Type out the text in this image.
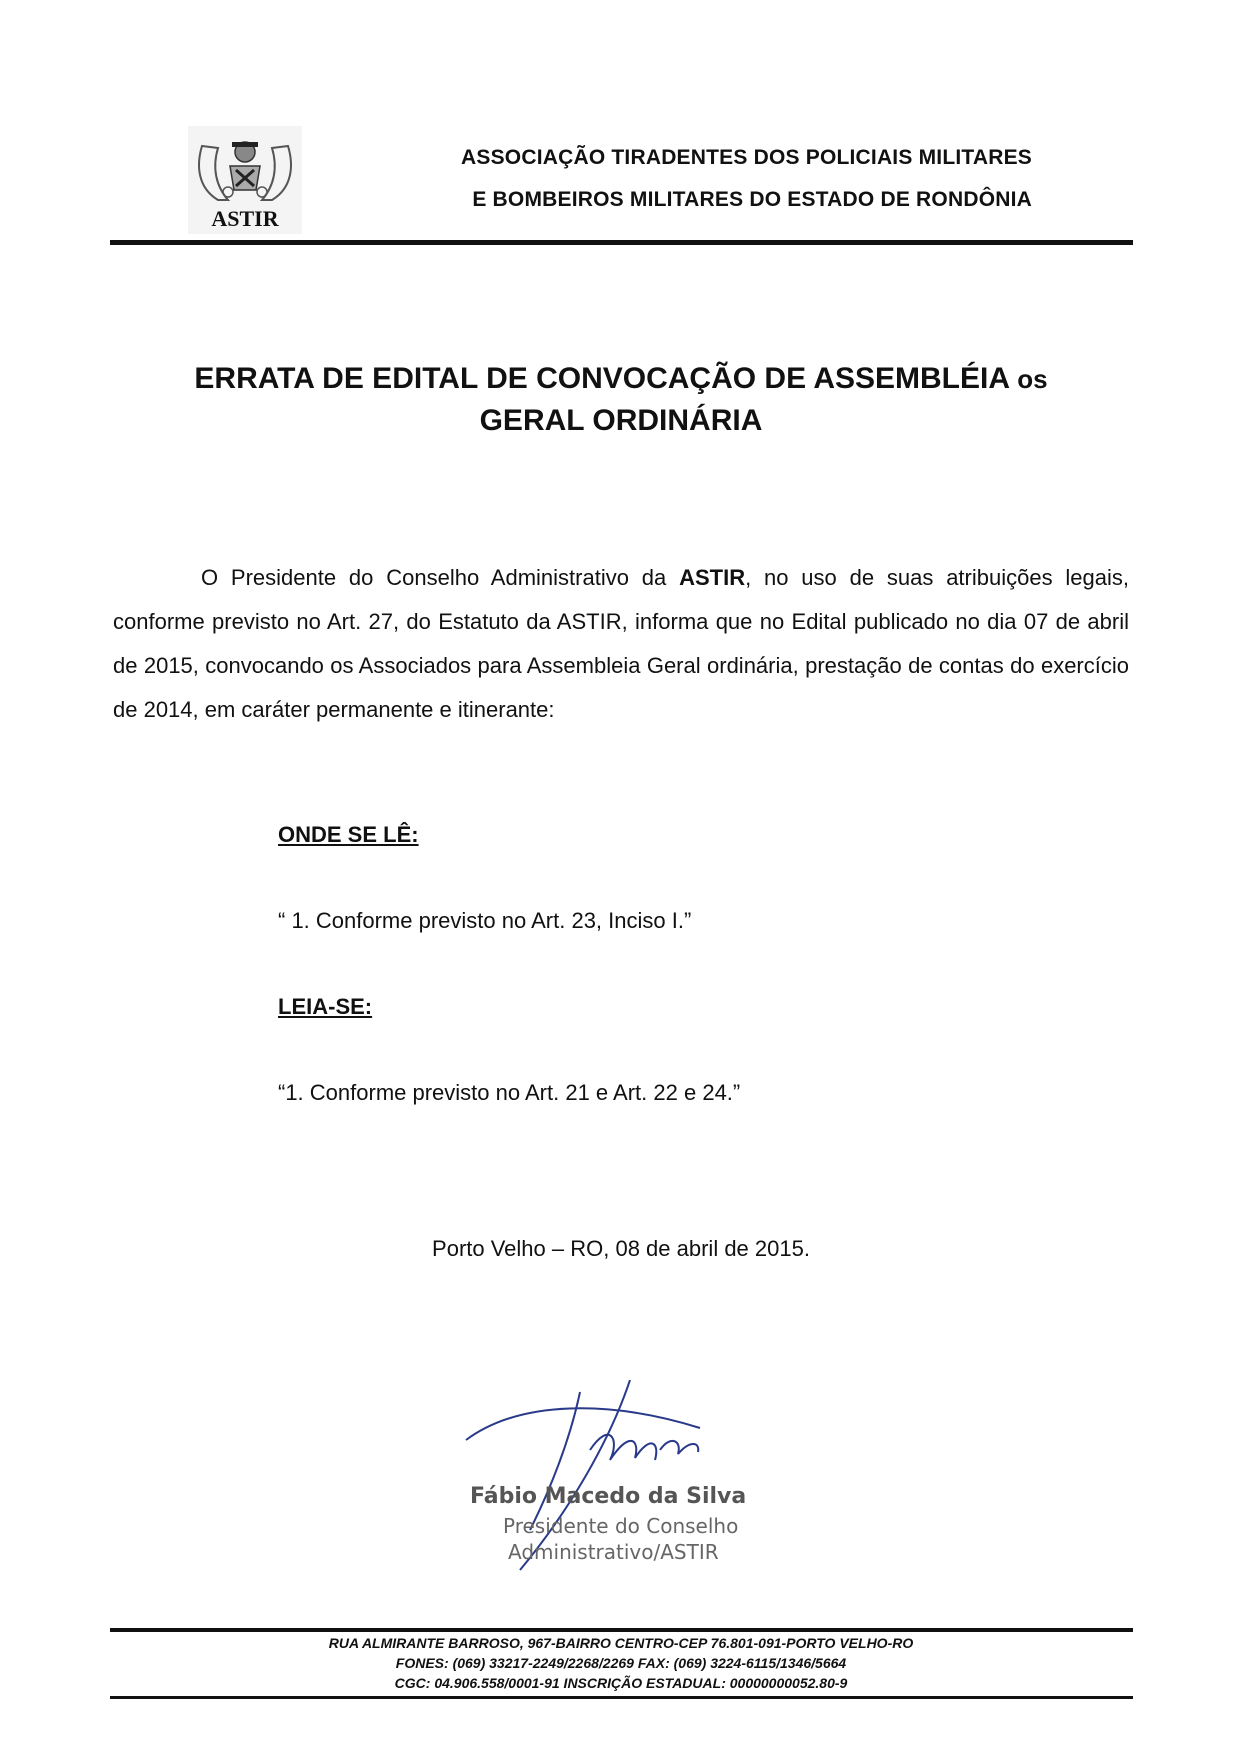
ASTIR
ASSOCIAÇÃO TIRADENTES DOS POLICIAIS MILITARES
E BOMBEIROS MILITARES DO ESTADO DE RONDÔNIA
ERRATA DE EDITAL DE CONVOCAÇÃO DE ASSEMBLÉIA os
GERAL ORDINÁRIA

O Presidente do Conselho Administrativo da ASTIR, no uso de suas atribuições legais, conforme previsto no Art. 27, do Estatuto da ASTIR, informa que no Edital publicado no dia 07 de abril de 2015, convocando os Associados para Assembleia Geral ordinária, prestação de contas do exercício de 2014, em caráter permanente e itinerante:

ONDE SE LÊ:
“ 1. Conforme previsto no Art. 23, Inciso I.”
LEIA-SE:
“1. Conforme previsto no Art. 21 e Art. 22 e 24.”
Porto Velho – RO, 08 de abril de 2015.
Fábio Macedo da Silva
Presidente do Conselho
Administrativo/ASTIR
RUA ALMIRANTE BARROSO, 967-BAIRRO CENTRO-CEP 76.801-091-PORTO VELHO-RO
FONES: (069) 33217-2249/2268/2269 FAX: (069) 3224-6115/1346/5664
CGC: 04.906.558/0001-91 INSCRIÇÃO ESTADUAL: 00000000052.80-9
